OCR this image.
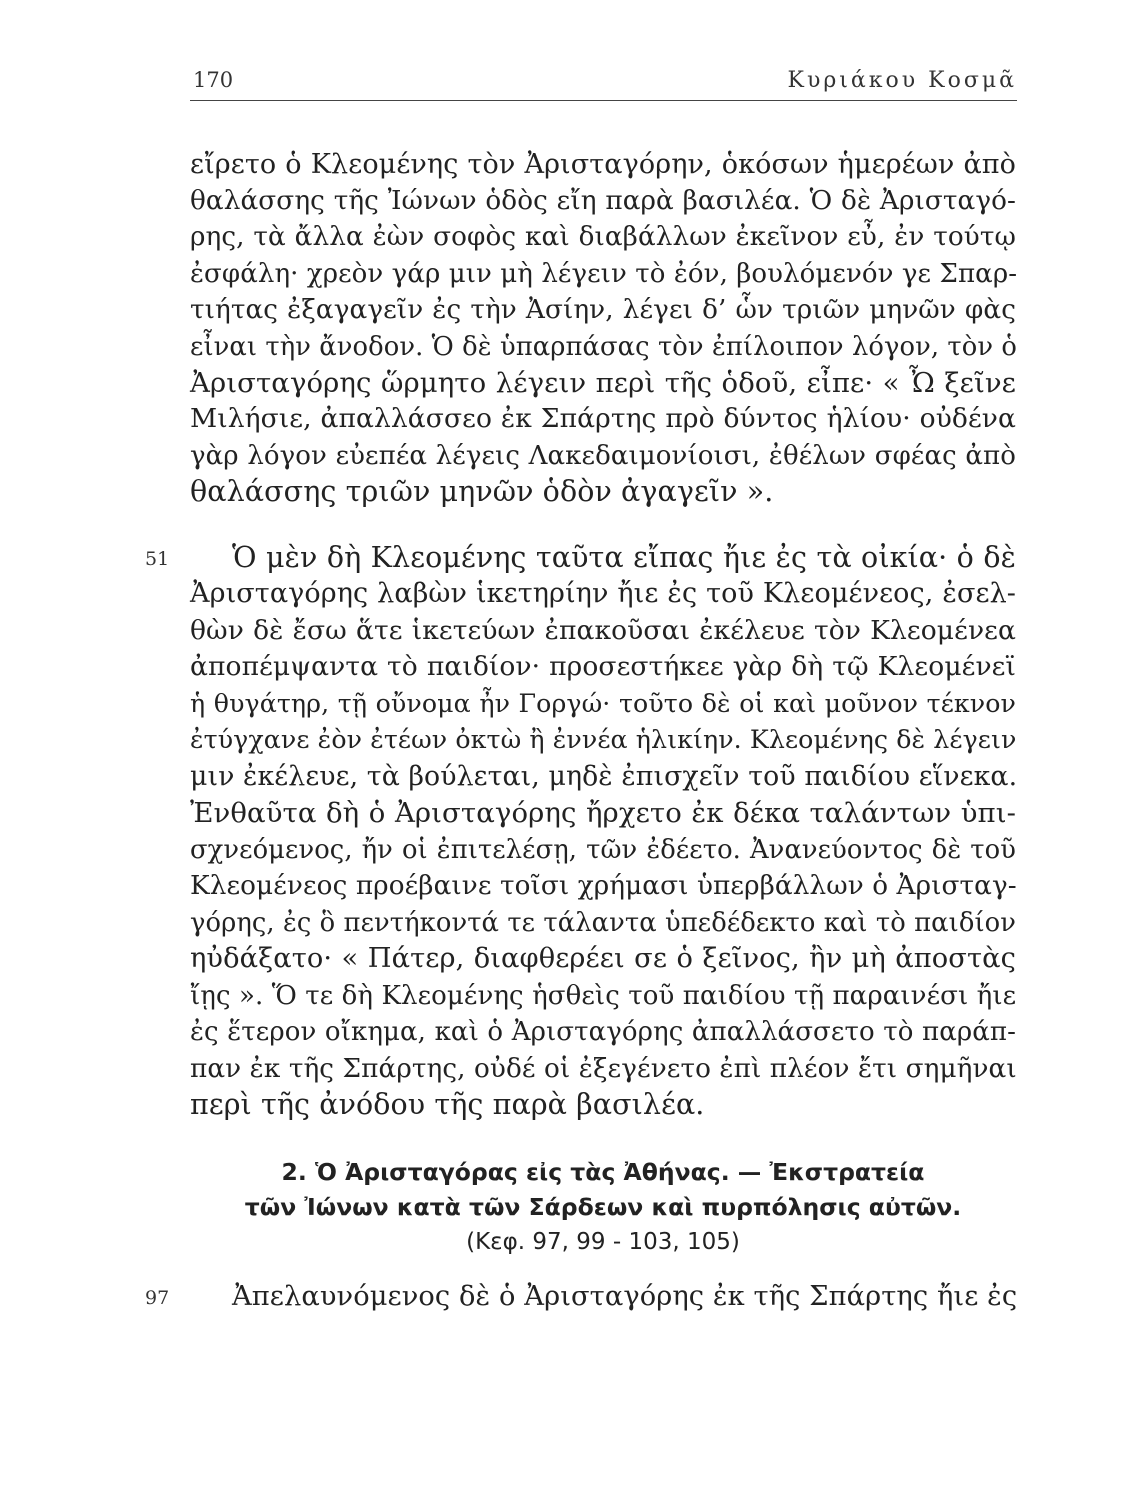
170	Κυριάκου Κοσμᾶ
εἴρετο ὁ Κλεομένης τὸν Ἀρισταγόρην, ὁκόσων ἡμερέων ἀπὸ
θαλάσσης τῆς Ἰώνων ὁδὸς εἴη παρὰ βασιλέα. Ὁ δὲ Ἀρισταγό-
ρης, τὰ ἄλλα ἐὼν σοφὸς καὶ διαβάλλων ἐκεῖνον εὖ, ἐν τούτῳ
ἐσφάλη· χρεὸν γάρ μιν μὴ λέγειν τὸ ἐόν, βουλόμενόν γε Σπαρ-
τιήτας ἐξαγαγεῖν ἐς τὴν Ἀσίην, λέγει δ’ ὧν τριῶν μηνῶν φὰς
εἶναι τὴν ἄνοδον. Ὁ δὲ ὑπαρπάσας τὸν ἐπίλοιπον λόγον, τὸν ὁ
Ἀρισταγόρης ὥρμητο λέγειν περὶ τῆς ὁδοῦ, εἶπε· « Ὦ ξεῖνε
Μιλήσιε, ἀπαλλάσσεο ἐκ Σπάρτης πρὸ δύντος ἡλίου· οὐδένα
γὰρ λόγον εὐεπέα λέγεις Λακεδαιμονίοισι, ἐθέλων σφέας ἀπὸ
θαλάσσης τριῶν μηνῶν ὁδὸν ἀγαγεῖν ».
51 Ὁ μὲν δὴ Κλεομένης ταῦτα εἴπας ἤιε ἐς τὰ οἰκία· ὁ δὲ
Ἀρισταγόρης λαβὼν ἱκετηρίην ἤιε ἐς τοῦ Κλεομένεος, ἐσελ-
θὼν δὲ ἔσω ἅτε ἱκετεύων ἐπακοῦσαι ἐκέλευε τὸν Κλεομένεα
ἀποπέμψαντα τὸ παιδίον· προσεστήκεε γὰρ δὴ τῷ Κλεομένεϊ
ἡ θυγάτηρ, τῇ οὔνομα ἦν Γοργώ· τοῦτο δὲ οἱ καὶ μοῦνον τέκνον
ἐτύγχανε ἐὸν ἐτέων ὀκτὼ ἢ ἐννέα ἡλικίην. Κλεομένης δὲ λέγειν
μιν ἐκέλευε, τὰ βούλεται, μηδὲ ἐπισχεῖν τοῦ παιδίου εἵνεκα.
Ἐνθαῦτα δὴ ὁ Ἀρισταγόρης ἤρχετο ἐκ δέκα ταλάντων ὑπι-
σχνεόμενος, ἤν οἱ ἐπιτελέσῃ, τῶν ἐδέετο. Ἀνανεύοντος δὲ τοῦ
Κλεομένεος προέβαινε τοῖσι χρήμασι ὑπερβάλλων ὁ Ἀρισταγ-
γόρης, ἐς ὃ πεντήκοντά τε τάλαντα ὑπεδέδεκτο καὶ τὸ παιδίον
ηὐδάξατο· « Πάτερ, διαφθερέει σε ὁ ξεῖνος, ἢν μὴ ἀποστὰς
ἴῃς ». Ὅ τε δὴ Κλεομένης ἡσθεὶς τοῦ παιδίου τῇ παραινέσι ἤιε
ἐς ἕτερον οἴκημα, καὶ ὁ Ἀρισταγόρης ἀπαλλάσσετο τὸ παράπ-
παν ἐκ τῆς Σπάρτης, οὐδέ οἱ ἐξεγένετο ἐπὶ πλέον ἔτι σημῆναι
περὶ τῆς ἀνόδου τῆς παρὰ βασιλέα.
2. Ὁ Ἀρισταγόρας εἰς τὰς Ἀθήνας. — Ἐκστρατεία
τῶν Ἰώνων κατὰ τῶν Σάρδεων καὶ πυρπόλησις αὐτῶν.
(Κεφ. 97, 99 - 103, 105)
97 Ἀπελαυνόμενος δὲ ὁ Ἀρισταγόρης ἐκ τῆς Σπάρτης ἤιε ἐς
